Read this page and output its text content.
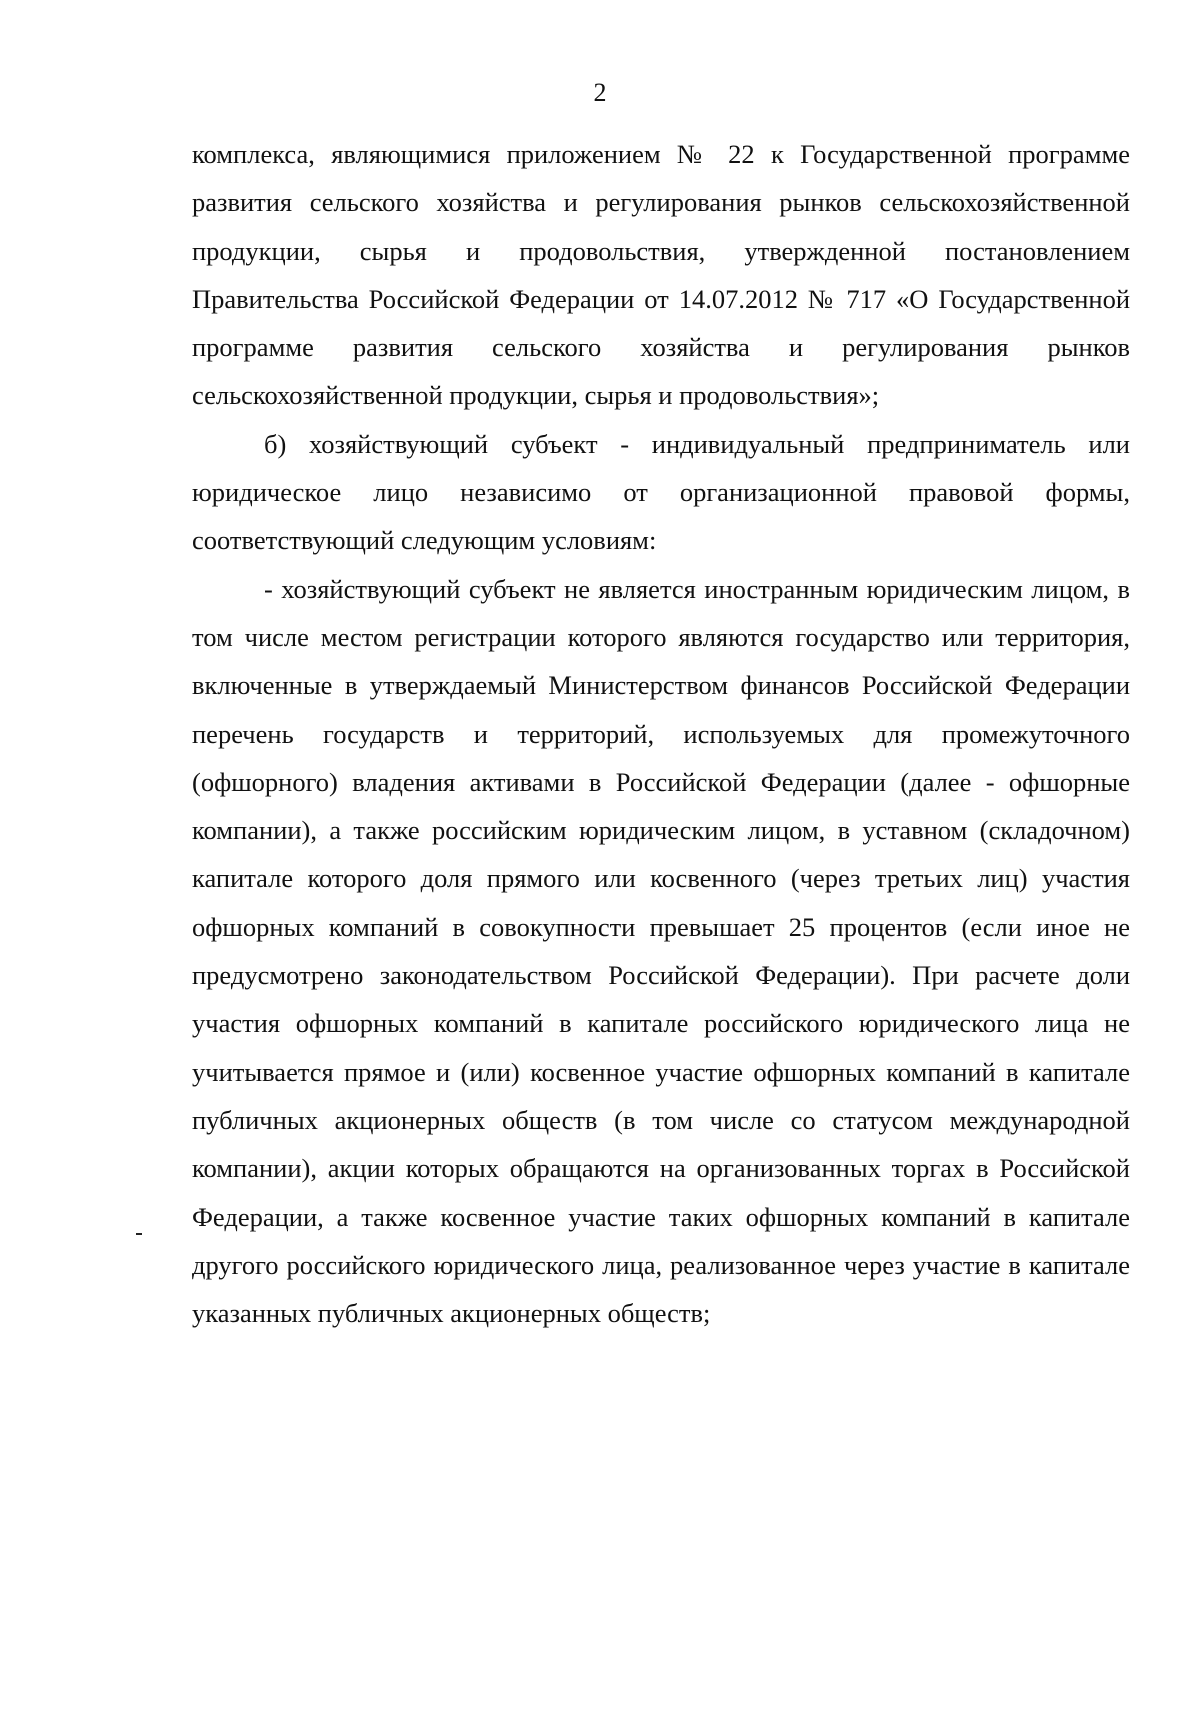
2

комплекса, являющимися приложением № 22 к Государственной программе развития сельского хозяйства и регулирования рынков сельскохозяйственной продукции, сырья и продовольствия, утвержденной постановлением Правительства Российской Федерации от 14.07.2012 № 717 «О Государственной программе развития сельского хозяйства и регулирования рынков сельскохозяйственной продукции, сырья и продовольствия»;

б) хозяйствующий субъект - индивидуальный предприниматель или юридическое лицо независимо от организационной правовой формы, соответствующий следующим условиям:

- хозяйствующий субъект не является иностранным юридическим лицом, в том числе местом регистрации которого являются государство или территория, включенные в утверждаемый Министерством финансов Российской Федерации перечень государств и территорий, используемых для промежуточного (офшорного) владения активами в Российской Федерации (далее - офшорные компании), а также российским юридическим лицом, в уставном (складочном) капитале которого доля прямого или косвенного (через третьих лиц) участия офшорных компаний в совокупности превышает 25 процентов (если иное не предусмотрено законодательством Российской Федерации). При расчете доли участия офшорных компаний в капитале российского юридического лица не учитывается прямое и (или) косвенное участие офшорных компаний в капитале публичных акционерных обществ (в том числе со статусом международной компании), акции которых обращаются на организованных торгах в Российской Федерации, а также косвенное участие таких офшорных компаний в капитале другого российского юридического лица, реализованное через участие в капитале указанных публичных акционерных обществ;
